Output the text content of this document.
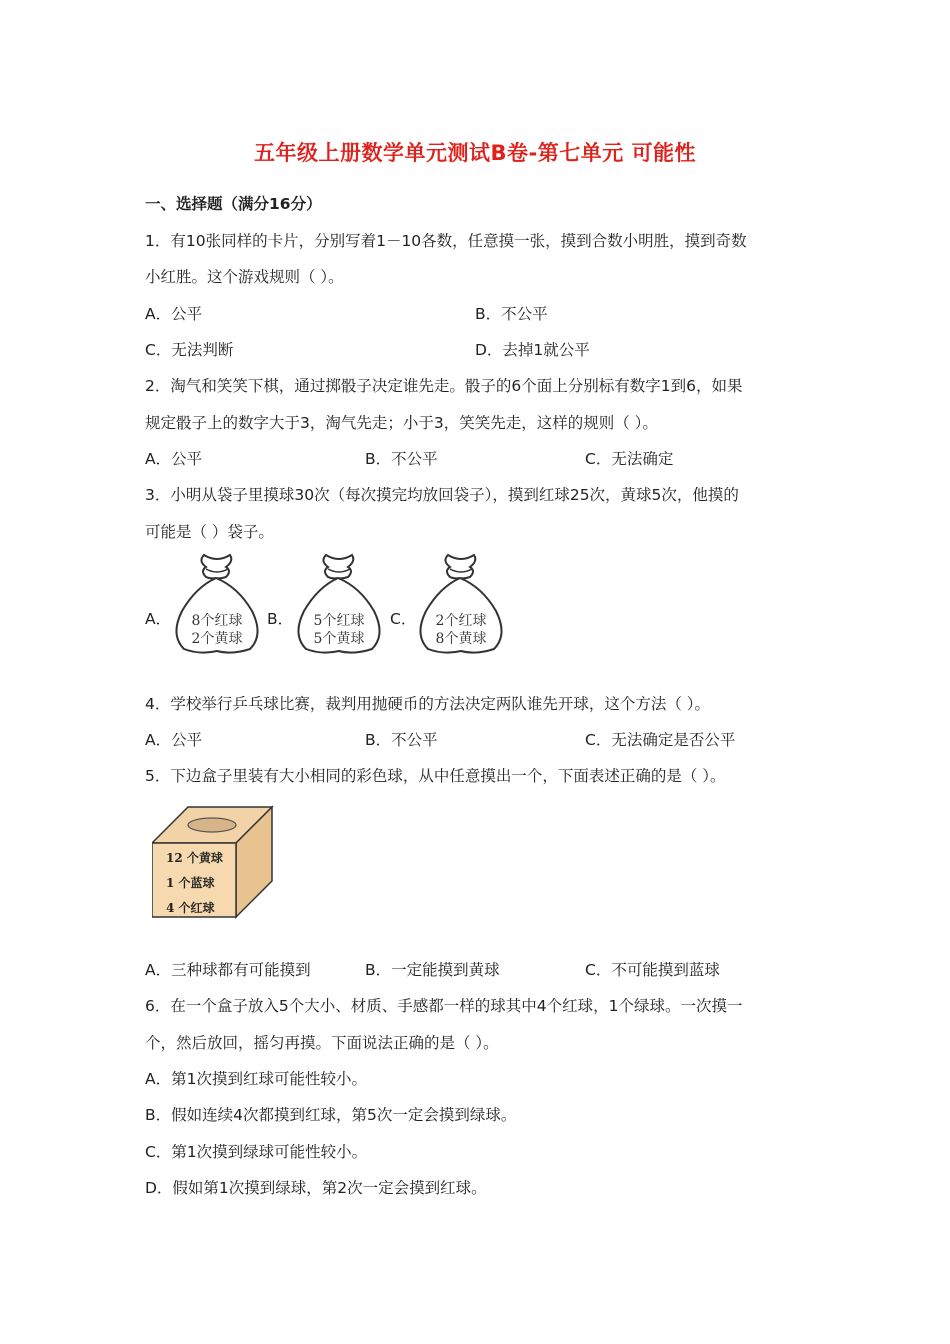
五年级上册数学单元测试B卷-第七单元 可能性
一、选择题（满分16分）
1．有10张同样的卡片，分别写着1－10各数，任意摸一张，摸到合数小明胜，摸到奇数
小红胜。这个游戏规则（ ）。
A．公平	B．不公平
C．无法判断	D．去掉1就公平
2．淘气和笑笑下棋，通过掷骰子决定谁先走。骰子的6个面上分别标有数字1到6，如果
规定骰子上的数字大于3，淘气先走；小于3，笑笑先走，这样的规则（ ）。
A．公平	B．不公平	C．无法确定
3．小明从袋子里摸球30次（每次摸完均放回袋子），摸到红球25次，黄球5次，他摸的
可能是（ ）袋子。
A．	B．	C．
8个红球
2个黄球
5个红球
5个黄球
2个红球
8个黄球
4．学校举行乒乓球比赛，裁判用抛硬币的方法决定两队谁先开球，这个方法（ ）。
A．公平	B．不公平	C．无法确定是否公平
5．下边盒子里装有大小相同的彩色球，从中任意摸出一个，下面表述正确的是（ ）。
12 个黄球
1 个蓝球
4 个红球
A．三种球都有可能摸到	B．一定能摸到黄球	C．不可能摸到蓝球
6．在一个盒子放入5个大小、材质、手感都一样的球其中4个红球，1个绿球。一次摸一
个，然后放回，摇匀再摸。下面说法正确的是（ ）。
A．第1次摸到红球可能性较小。
B．假如连续4次都摸到红球，第5次一定会摸到绿球。
C．第1次摸到绿球可能性较小。
D．假如第1次摸到绿球，第2次一定会摸到红球。
